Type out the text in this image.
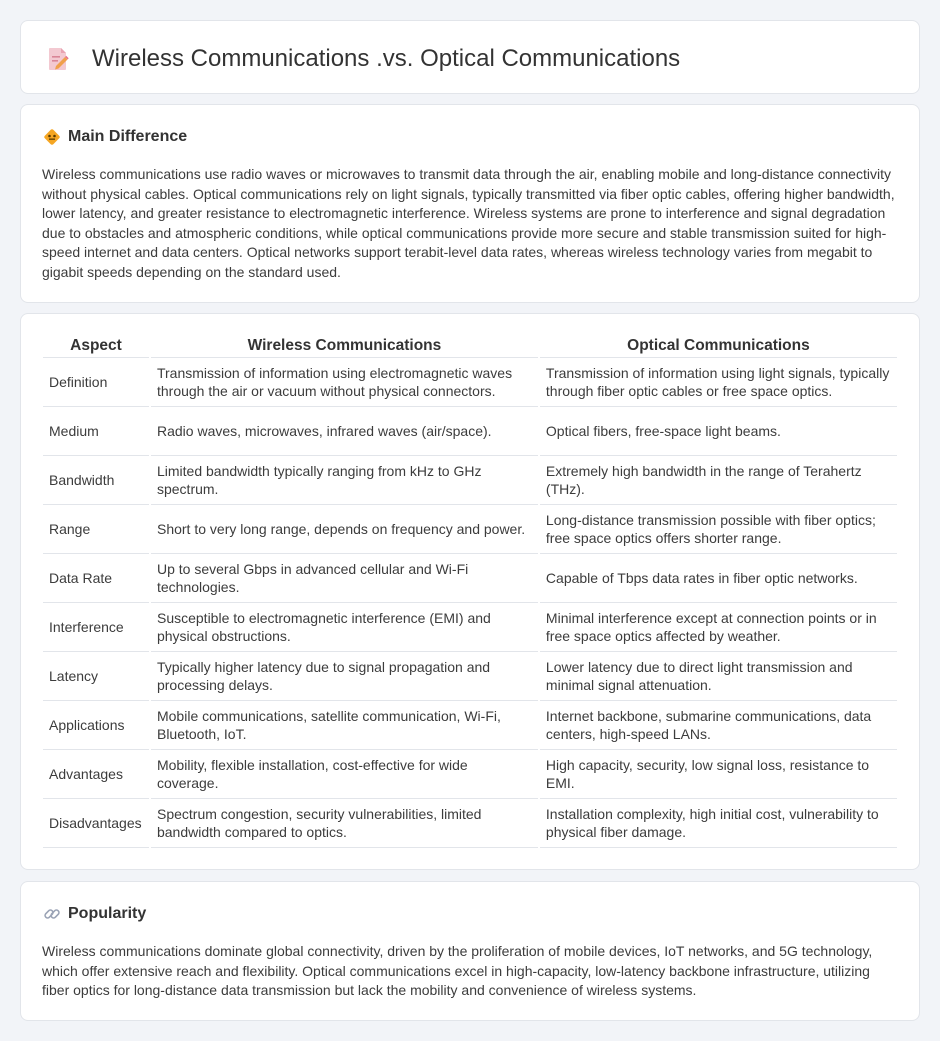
Wireless Communications .vs. Optical Communications
Main Difference

Wireless communications use radio waves or microwaves to transmit data through the air, enabling mobile and long-distance connectivity without physical cables. Optical communications rely on light signals, typically transmitted via fiber optic cables, offering higher bandwidth, lower latency, and greater resistance to electromagnetic interference. Wireless systems are prone to interference and signal degradation due to obstacles and atmospheric conditions, while optical communications provide more secure and stable transmission suited for high-speed internet and data centers. Optical networks support terabit-level data rates, whereas wireless technology varies from megabit to gigabit speeds depending on the standard used.

Aspect	Wireless Communications	Optical Communications
Definition	Transmission of information using electromagnetic waves through the air or vacuum without physical connectors.	Transmission of information using light signals, typically through fiber optic cables or free space optics.
Medium	Radio waves, microwaves, infrared waves (air/space).	Optical fibers, free-space light beams.
Bandwidth	Limited bandwidth typically ranging from kHz to GHz spectrum.	Extremely high bandwidth in the range of Terahertz (THz).
Range	Short to very long range, depends on frequency and power.	Long-distance transmission possible with fiber optics; free space optics offers shorter range.
Data Rate	Up to several Gbps in advanced cellular and Wi-Fi technologies.	Capable of Tbps data rates in fiber optic networks.
Interference	Susceptible to electromagnetic interference (EMI) and physical obstructions.	Minimal interference except at connection points or in free space optics affected by weather.
Latency	Typically higher latency due to signal propagation and processing delays.	Lower latency due to direct light transmission and minimal signal attenuation.
Applications	Mobile communications, satellite communication, Wi-Fi, Bluetooth, IoT.	Internet backbone, submarine communications, data centers, high-speed LANs.
Advantages	Mobility, flexible installation, cost-effective for wide coverage.	High capacity, security, low signal loss, resistance to EMI.
Disadvantages	Spectrum congestion, security vulnerabilities, limited bandwidth compared to optics.	Installation complexity, high initial cost, vulnerability to physical fiber damage.
Popularity

Wireless communications dominate global connectivity, driven by the proliferation of mobile devices, IoT networks, and 5G technology, which offer extensive reach and flexibility. Optical communications excel in high-capacity, low-latency backbone infrastructure, utilizing fiber optics for long-distance data transmission but lack the mobility and convenience of wireless systems.
